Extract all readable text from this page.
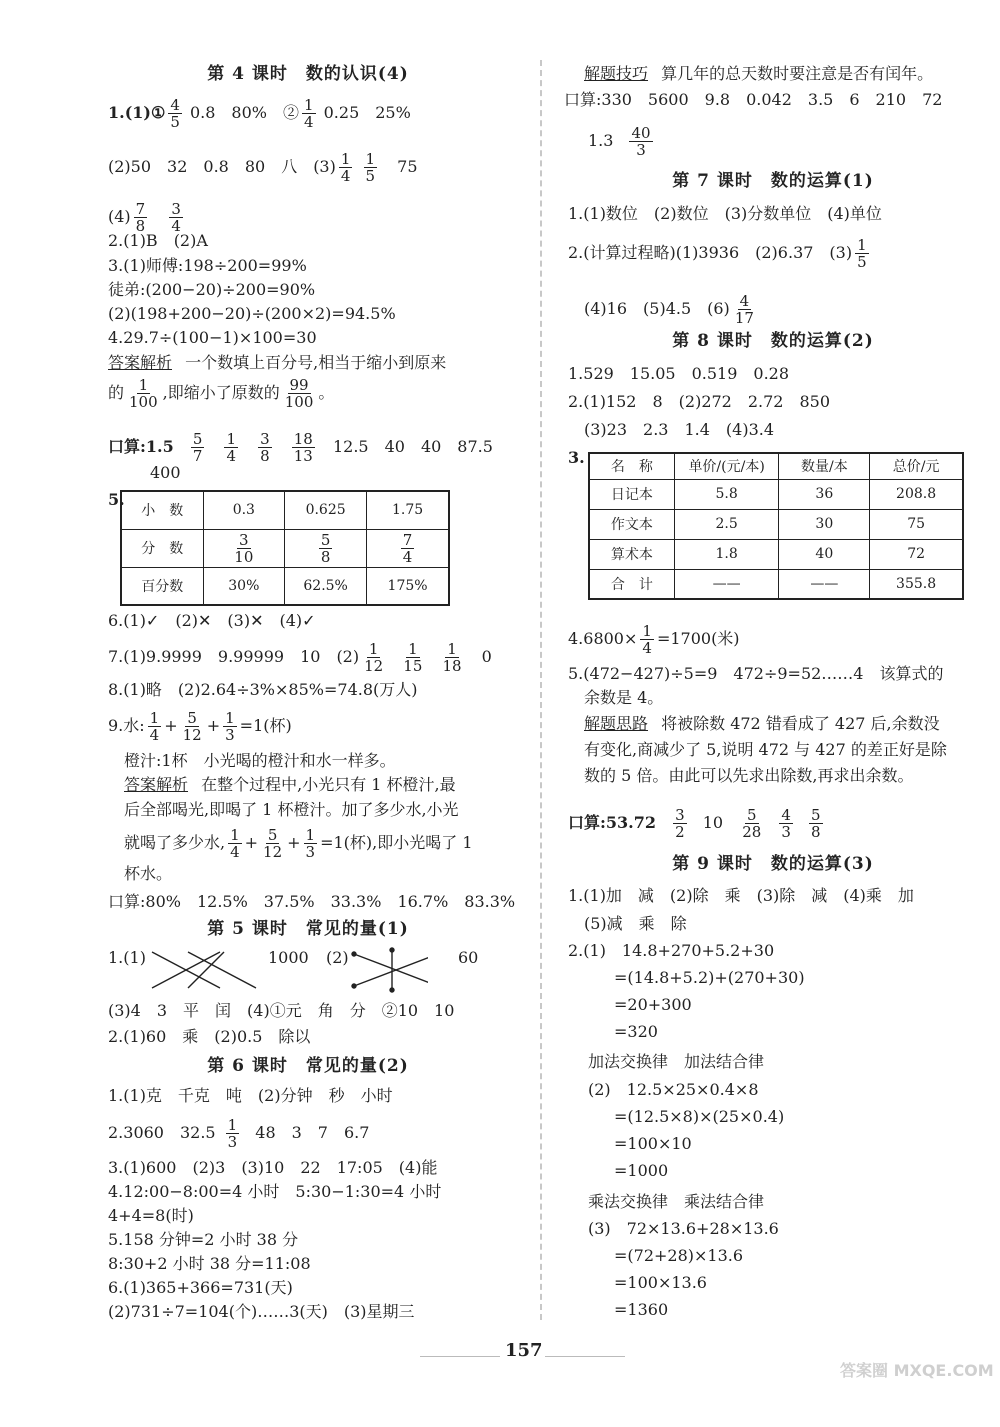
第 4 课时　数的认识(4)
1.(1)① $\frac{4}{5} 0.8$　80%　② $\frac{1}{4} 0.25$　25%
(2)50　32　0.8　80　八　$(3) \frac{1}{4}$
$\frac{1}{5} 75$
$(4) \frac{7}{8}$
$\frac{3}{4}$
2.(1)B　(2)A
3.(1)师傅:198÷200=99%
徒弟:(200−20)÷200=90%
(2)(198+200−20)÷(200×2)=94.5%
4.29.7÷(100−1)×100=30
答案解析 一个数填上百分号,相当于缩小到原来
的 $\frac{1}{100}$ ,即缩小了原数的 $\frac{99}{100}$ 。
口算:1.5 $\frac{5}{7}$
$\frac{1}{4}$
$\frac{3}{8}$
$\frac{18}{13} 12.5$　40　40　87.5
400
5.
小　数	0.3	0.625	1.75
分　数	$\frac{3}{10}$	$\frac{5}{8}$	$\frac{7}{4}$

百分数	30%	62.5%	175%
6.(1)✓　(2)✕　(3)✕　(4)✓
7.(1)9.9999　9.99999　10　$(2) \frac{1}{12}$
$\frac{1}{15}$
$\frac{1}{18} 0$
8.(1)略　(2)2.64÷3%×85%=74.8(万人)
9.水: $\frac{1}{4} + \frac{5}{12} + \frac{1}{3} =1$(杯)
橙汁:1杯　小光喝的橙汁和水一样多。
答案解析 在整个过程中,小光只有 1 杯橙汁,最
后全部喝光,即喝了 1 杯橙汁。加了多少水,小光
就喝了多少水, $\frac{1}{4} + \frac{5}{12} + \frac{1}{3} =1$(杯),即小光喝了 1
杯水。
口算:80%　12.5%　37.5%　33.3%　16.7%　83.3%
第 5 课时　常见的量(1)
1.(1)	1000 (2)	60
(3)4　3　平　闰　(4)①元　角　分　②10　10
2.(1)60　乘　(2)0.5　除以
第 6 课时　常见的量(2)
1.(1)克　千克　吨　(2)分钟　秒　小时
2.3060　$32.5 \frac{1}{3} 48$　3　7　6.7
3.(1)600　(2)3　(3)10　22　17:05　(4)能
4.12:00−8:00=4 小时　5:30−1:30=4 小时
4+4=8(时)
5.158 分钟=2 小时 38 分
8:30+2 小时 38 分=11:08
6.(1)365+366=731(天)
(2)731÷7=104(个)……3(天)　(3)星期三
解题技巧 算几年的总天数时要注意是否有闰年。
口算:330　5600　9.8　0.042　3.5　6　210　72
$1.3 \frac{40}{3}$
第 7 课时　数的运算(1)
1.(1)数位　(2)数位　(3)分数单位　(4)单位
2.(计算过程略)(1)3936　(2)6.37　$(3) \frac{1}{5}$
(4)16　(5)4.5　$(6) \frac{4}{17}$
第 8 课时　数的运算(2)
1.529　15.05　0.519　0.28
2.(1)152　8　(2)272　2.72　850
(3)23　2.3　1.4　(4)3.4
3.
名　称	单价/(元/本)	数量/本	总价/元
日记本	5.8	36	208.8
作文本	2.5	30	75
算术本	1.8	40	72
合　计	——	——	355.8
$4.6800\times \frac{1}{4} =1700$(米)
5.(472−427)÷5=9　472÷9=52……4　该算式的
余数是 4。
解题思路 将被除数 472 错看成了 427 后,余数没
有变化,商减少了 5,说明 472 与 427 的差正好是除
数的 5 倍。由此可以先求出除数,再求出余数。
口算:53.72 $\frac{3}{2} 10 \frac{5}{28}$
$\frac{4}{3}$
$\frac{5}{8}$
第 9 课时　数的运算(3)
1.(1)加　减　(2)除　乘　(3)除　减　(4)乘　加
(5)减　乘　除
2.(1)　14.8+270+5.2+30
=(14.8+5.2)+(270+30)
=20+300
=320
加法交换律　加法结合律
(2)　12.5×25×0.4×8
=(12.5×8)×(25×0.4)
=100×10
=1000
乘法交换律　乘法结合律
(3)　72×13.6+28×13.6
=(72+28)×13.6
=100×13.6
=1360
157
答案圈 MXQE.COM
